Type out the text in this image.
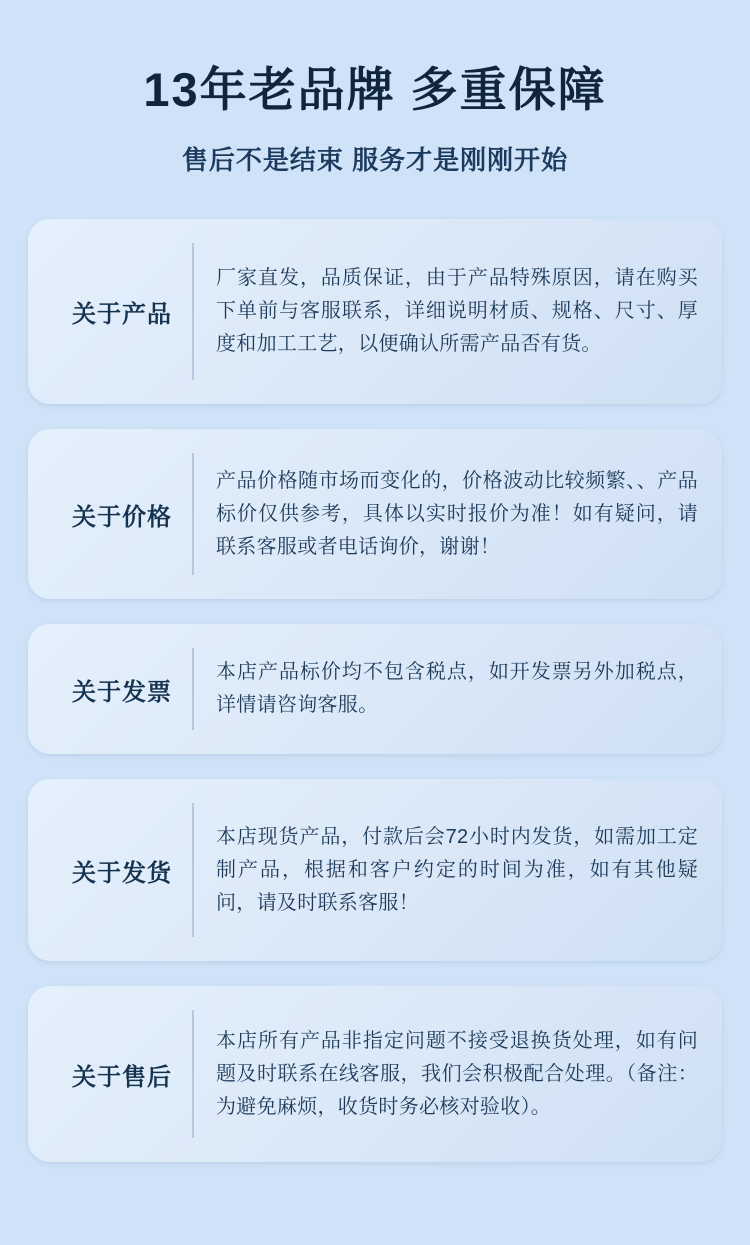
13年老品牌 多重保障

售后不是结束 服务才是刚刚开始

关于产品
厂家直发，品质保证，由于产品特殊原因，请在购买下单前与客服联系，详细说明材质、规格、尺寸、厚度和加工工艺，以便确认所需产品否有货。
关于价格
产品价格随市场而变化的，价格波动比较频繁、、产品标价仅供参考，具体以实时报价为准！如有疑问，请联系客服或者电话询价，谢谢！
关于发票
本店产品标价均不包含税点，如开发票另外加税点，详情请咨询客服。
关于发货
本店现货产品，付款后会72小时内发货，如需加工定制产品，根据和客户约定的时间为准，如有其他疑问，请及时联系客服！
关于售后
本店所有产品非指定问题不接受退换货处理，如有问题及时联系在线客服，我们会积极配合处理。（备注：为避免麻烦，收货时务必核对验收）。
